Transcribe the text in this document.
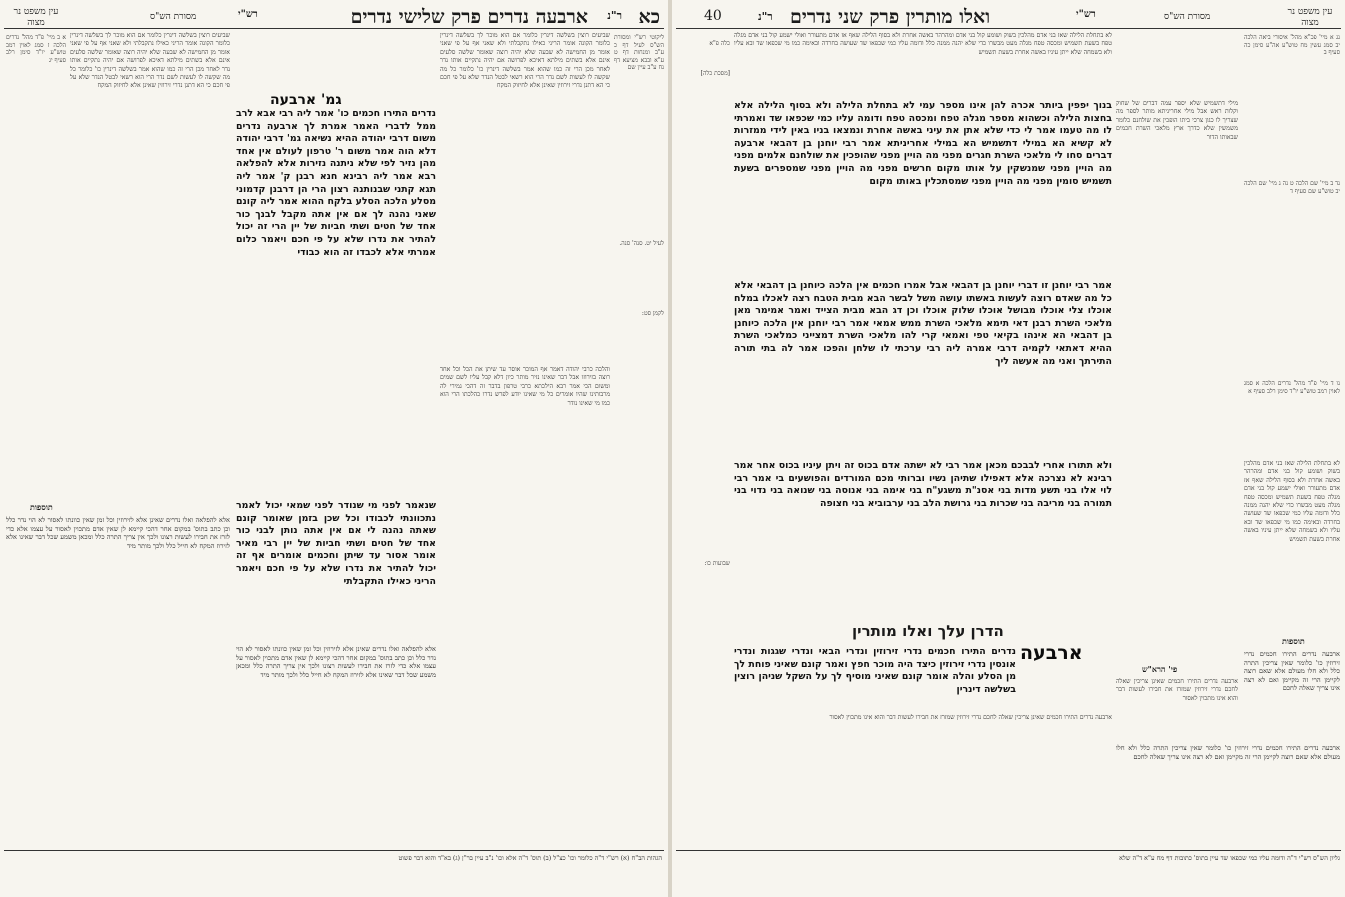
כא
ר"נ
ארבעה נדרים פרק שלישי נדרים
רש"י
מסורת הש"ס
עין משפט נר מצוה
גמ' ארבעה
נדרים התירו חכמים כו' אמר ליה רבי אבא לרב ממל לדברי האמר אמרת לך ארבעה נדרים משום דרבי יהודה ההיא נשיאה גמ' דרבי יהודה דלא הוה אמר משום ר' טרפון לעולם אין אחד מהן נזיר לפי שלא ניתנה נזירות אלא להפלאה רבא אמר ליה רבינא חנא רבנן ק' אמר ליה תגא קתני שבנותנה רצון הרי הן דרבנן קדמוני מסלע הלכה הסלע בלקח ההוא אמר ליה קונם שאני נהנה לך אם אין אתה מקבל לבנך כור אחד של חטים ושתי חביות של יין הרי זה יכול להתיר את נדרו שלא על פי חכם ויאמר כלום אמרתי אלא לכבדו זה הוא כבודי
שנאמר לפני מי שנודר לפני שמאי יכול לאמר נתכוונתי לכבודו וכל שכן בזמן שאומר קונם שאתה נהנה לי אם אין אתה נותן לבני כור אחד של חטים ושתי חביות של יין רבי מאיר אומר אסור עד שיתן וחכמים אומרים אף זה יכול להתיר את נדרו שלא על פי חכם ויאמר הריני כאילו התקבלתי
שביעים רוצין בשלשה דינרין כלומר אם הוא מוכר לך בשלשה דינרין כלומר הקונה אומר הריני כאילו נתקבלתי ולא שאני אף על פי שאני אומר מן החמישה לא שבעה שלא יהיה רוצה שאומר שלשה סלעים אינם אלא בשתים מילתא דאיכא לפרושה אם יהיה נתקיים אותו נדר לאחר מכן הרי זה כמו שהוא אמר בשלשה דינרין כו' כלומר כל מה שקשה לו לעשות לשם נדר הרי הוא רשאי לבטל הנדר שלא על פי חכם כי הא דתנן נדרי זירוזין שאינן אלא לחיזוק המקח
והלכה כרבי יהודה דאמר אף המוכר אוסר עד שיתן את הכל וכל אחד רוצה בזירוזו אבל דבר שאינו נזיר מותר כיון דלא קבל עליו לשם שמים ומשום הכי אמר רבא הילכתא כרבי טרפון בדבר זה דהכי גמירי לה מרבותינו שהיו אומרים כל מי שאינו יודע לפרש נדרו כהלכתו הרי הוא כמו מי שאינו נודר
שביעים רוצין בשלשה דינרין כלומר אם הוא מוכר לך בשלשה דינרין כלומר הקונה אומר הריני כאילו נתקבלתי ולא שאני אף על פי שאני אומר מן החמישה לא שבעה שלא יהיה רוצה שאומר שלשה סלעים אינם אלא בשתים מילתא דאיכא לפרושה אם יהיה נתקיים אותו נדר לאחר מכן הרי זה כמו שהוא אמר בשלשה דינרין כו' כלומר כל מה שקשה לו לעשות לשם נדר הרי הוא רשאי לבטל הנדר שלא על פי חכם כי הא דתנן נדרי זירוזין שאינן אלא לחיזוק המקח
תוספות
אלא להפלאה ואלו נדרים שאינן אלא לזירוזין וכל זמן שאין כוונתו לאסור לא הוי נדר כלל וכן כתב בתוס' במקום אחר דהכי קיימא לן שאין אדם מתכוין לאסור על עצמו אלא כדי לזרז את חבירו לעשות רצונו ולכך אין צריך התרה כלל ומכאן משמע שכל דבר שאינו אלא לזירוז המקח לא חייל כלל ולכך מותר מיד
אלא להפלאה ואלו נדרים שאינן אלא לזירוזין וכל זמן שאין כוונתו לאסור לא הוי נדר כלל וכן כתב בתוס' במקום אחר דהכי קיימא לן שאין אדם מתכוין לאסור על עצמו אלא כדי לזרז את חבירו לעשות רצונו ולכך אין צריך התרה כלל ומכאן משמע שכל דבר שאינו אלא לזירוז המקח לא חייל כלל ולכך מותר מיד
א ב מיי' פ"ד מהל' נדרים הלכה ז סמג לאוין רמב טוש"ע יו"ד סימן רלב סעיף יג
ליקוטי רש"י ומסורת הש"ס לעיל דף כ ע"ב ומנחות דף ט ע"א ובבא מציעא דף נח ע"ב עיין שם
לעיל יט. סנה' סנה.
לקמן סט:
הגהות הב"ח (א) רש"י ד"ה כלומר וכו' כצ"ל (ב) תוס' ד"ה אלא וכו' נ"ב עיין בר"ן (ג) בא"ד והוא דבר פשוט
40	ר"נ ואלו מותרין פרק שני נדרים	רש"י	מסורת הש"ס	עין משפט נר מצוה
לא בתחלת הלילה שאז בני אדם מהלכין בשוק ושומע קול בני אדם ומהרהר באשה אחרת ולא בסוף הלילה שאף אז אדם מתעורר ואולי ישמע קול בני אדם מגלה טפח בשעת תשמיש ומכסה טפח מגלה מעט מבשרו כדי שלא יהנה ממנה כלל ודומה עליו כמי שכפאו שד שעושה בחרדה ובאימה כמו מי שכפאו שד ובא עליו ולא בשמחה שלא ייתן עיניו באשה אחרת בשעת תשמיש
בנוך יפפין ביותר אכרה להן אינו מספר עמי לא בתחלת הלילה ולא בסוף הלילה אלא בחצות הלילה וכשהוא מספר מגלה טפח ומכסה טפח ודומה עליו כמי שכפאו שד ואמרתי לו מה טעמו אמר לי כדי שלא אתן את עיני באשה אחרת ונמצאו בניו באין לידי ממזרות לא קשיא הא במילי דתשמיש הא במילי אחריניתא אמר רבי יוחנן בן דהבאי ארבעה דברים סחו לי מלאכי השרת חגרים מפני מה הויין מפני שהופכין את שולחנם אלמים מפני מה הויין מפני שמנשקין על אותו מקום חרשים מפני מה הויין מפני שמספרים בשעת תשמיש סומין מפני מה הויין מפני שמסתכלין באותו מקום
אמר רבי יוחנן זו דברי יוחנן בן דהבאי אבל אמרו חכמים אין הלכה כיוחנן בן דהבאי אלא כל מה שאדם רוצה לעשות באשתו עושה משל לבשר הבא מבית הטבח רצה לאכלו במלח אוכלו צלי אוכלו מבושל אוכלו שלוק אוכלו וכן דג הבא מבית הצייד ואמר אמימר מאן מלאכי השרת רבנן דאי תימא מלאכי השרת ממש אמאי אמר רבי יוחנן אין הלכה כיוחנן בן דהבאי הא אינהו בקיאי טפי ואמאי קרי להו מלאכי השרת דמצייני כמלאכי השרת ההיא דאתאי לקמיה דרבי אמרה ליה רבי ערכתי לו שלחן והפכו אמר לה בתי תורה התירתך ואני מה אעשה ליך
ולא תתורו אחרי לבבכם מכאן אמר רבי לא ישתה אדם בכוס זה ויתן עיניו בכוס אחר אמר רבינא לא נצרכה אלא דאפילו שתיהן נשיו וברותי מכם המורדים והפושעים בי אמר רבי לוי אלו בני תשע מדות בני אסנ"ת משגע"ח בני אימה בני אנוסה בני שנואה בני נדוי בני תמורה בני מריבה בני שכרות בני גרושת הלב בני ערבוביא בני חצופה
הדרן עלך ואלו מותרין
ארבעה
נדרים התירו חכמים נדרי זירוזין ונדרי הבאי ונדרי שגגות ונדרי אונסין נדרי זירוזין כיצד היה מוכר חפץ ואמר קונם שאיני פוחת לך מן הסלע והלה אומר קונם שאיני מוסיף לך על השקל שניהן רוצין בשלשה דינרין
מילי דתשמיש שלא יספר עמה דברים של שחוק וקלות ראש אבל מילי אחריניתא מותר לספר מה שצריך לו כגון צרכי ביתו הופכין את שולחנם כלומר משמשין שלא כדרך ארץ מלאכי השרת חכמים שבאותו הדור
פי' הרא"ש
ארבעה נדרים התירו חכמים שאינן צריכין שאלה לחכם נדרי זירוזין שמזרז את חבירו לעשות דבר והוא אינו מתכוין לאסור
נג א מיי' פכ"א מהל' איסורי ביאה הלכה יב סמג עשין מח טוש"ע אה"ע סימן כה סעיף ב
נד ב מיי' שם הלכה ט נה ג מיי' שם הלכה יב טוש"ע שם סעיף ד
נו ד מיי' פ"ד מהל' נדרים הלכה א סמג לאוין רמב טוש"ע יו"ד סימן רלב סעיף א
לא בתחלת הלילה שאז בני אדם מהלכין בשוק ושומע קול בני אדם ומהרהר באשה אחרת ולא בסוף הלילה שאף אז אדם מתעורר ואולי ישמע קול בני אדם מגלה טפח בשעת תשמיש ומכסה טפח מגלה מעט מבשרו כדי שלא יהנה ממנה כלל ודומה עליו כמי שכפאו שד שעושה בחרדה ובאימה כמו מי שכפאו שד ובא עליו ולא בשמחה שלא ייתן עיניו באשה אחרת בשעת תשמיש
תוספות
ארבעה נדרים התירו חכמים נדרי זירוזין כו' כלומר שאין צריכין התרה כלל ולא חלו מעולם אלא שאם רוצה לקיימן הרי זה מקיימן ואם לא רצה אינו צריך שאלה לחכם
כלה פ"א
[מסכת כלה]
שבועות כו:
ארבעה נדרים התירו חכמים שאינן צריכין שאלה לחכם נדרי זירוזין שמזרז את חבירו לעשות דבר והוא אינו מתכוין לאסור
ארבעה נדרים התירו חכמים נדרי זירוזין כו' כלומר שאין צריכין התרה כלל ולא חלו מעולם אלא שאם רוצה לקיימן הרי זה מקיימן ואם לא רצה אינו צריך שאלה לחכם
גליון הש"ס רש"י ד"ה ודומה עליו כמי שכפאו שד עיין בתוס' כתובות דף מח ע"א ד"ה שלא
